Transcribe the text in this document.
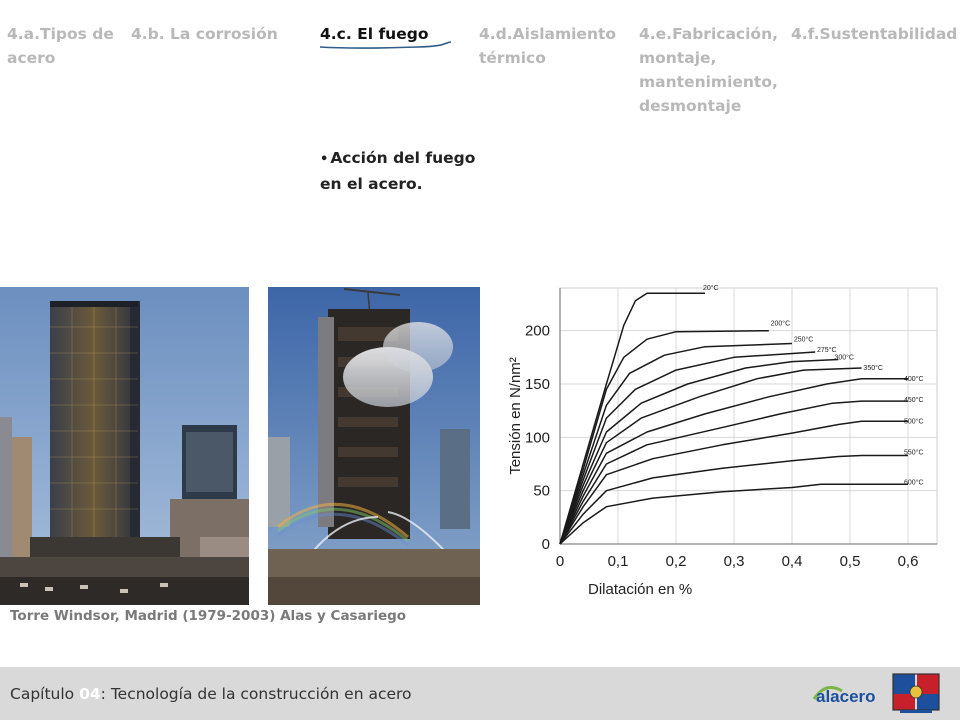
4.a.Tipos de acero
4.b. La corrosión	4.c. El fuego	4.d.Aislamiento térmico
4.e.Fabricación, montaje, mantenimiento, desmontaje
4.f.Sustentabilidad
• Acción del fuego en el acero.
Torre Windsor, Madrid (1979-2003) Alas y Casariego
0	0,1 0,2 0,3 0,4 0,5 0,6
0
50
100
150
200
Dilatación en %
Tensión en N/nm²
20°C
200°C
250°C
275°C
300°C
350°C
400°C
450°C
500°C
550°C
600°C
Capítulo 04: Tecnología de la construcción en acero	alacero
